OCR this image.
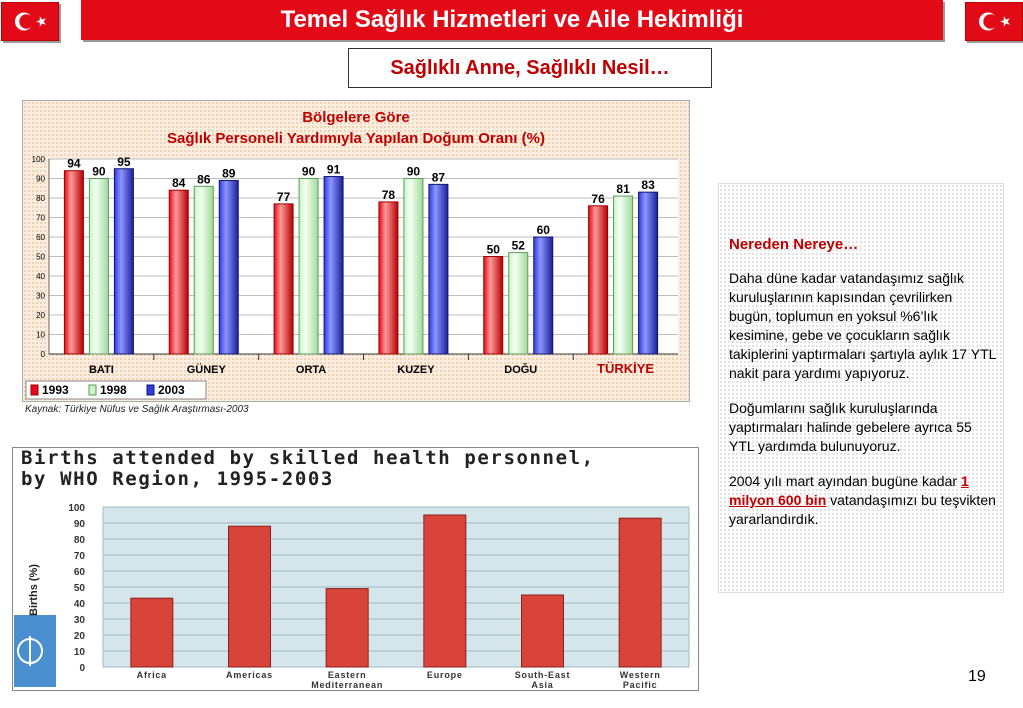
Temel Sağlık Hizmetleri ve Aile Hekimliği
Sağlıklı Anne, Sağlıklı Nesil…
Bölgelere Göre
Sağlık Personeli Yardımıyla Yapılan Doğum Oranı (%)
0
10
20
30
40
50
60
70
80
90
100 94
90
95
BATI
84 86 89
GÜNEY
77
90 91
ORTA
78
90 87
KUZEY
50 52
60
DOĞU
76
81 83
TÜRKİYE
1993	1998	2003
Kaynak: Türkiye Nüfus ve Sağlık Araştırması-2003
Nereden Nereye…

Daha düne kadar vatandaşımız sağlık kuruluşlarının kapısından çevrilirken bugün, toplumun en yoksul %6’lık kesimine, gebe ve çocukların sağlık takiplerini yaptırmaları şartıyla aylık 17 YTL nakit para yardımı yapıyoruz.

Doğumlarını sağlık kuruluşlarında yaptırmaları halinde gebelere ayrıca 55 YTL yardımda bulunuyoruz.

2004 yılı mart ayından bugüne kadar 1 milyon 600 bin vatandaşımızı bu teşvikten yararlandırdık.

Births attended by skilled health personnel,
by WHO Region, 1995-2003
0
10
20
30
40
50
60
70
80
90
100
Births (%)
Africa	Americas	Eastern
Mediterranean
Europe	South-East
Asia
Western
Pacific	19
